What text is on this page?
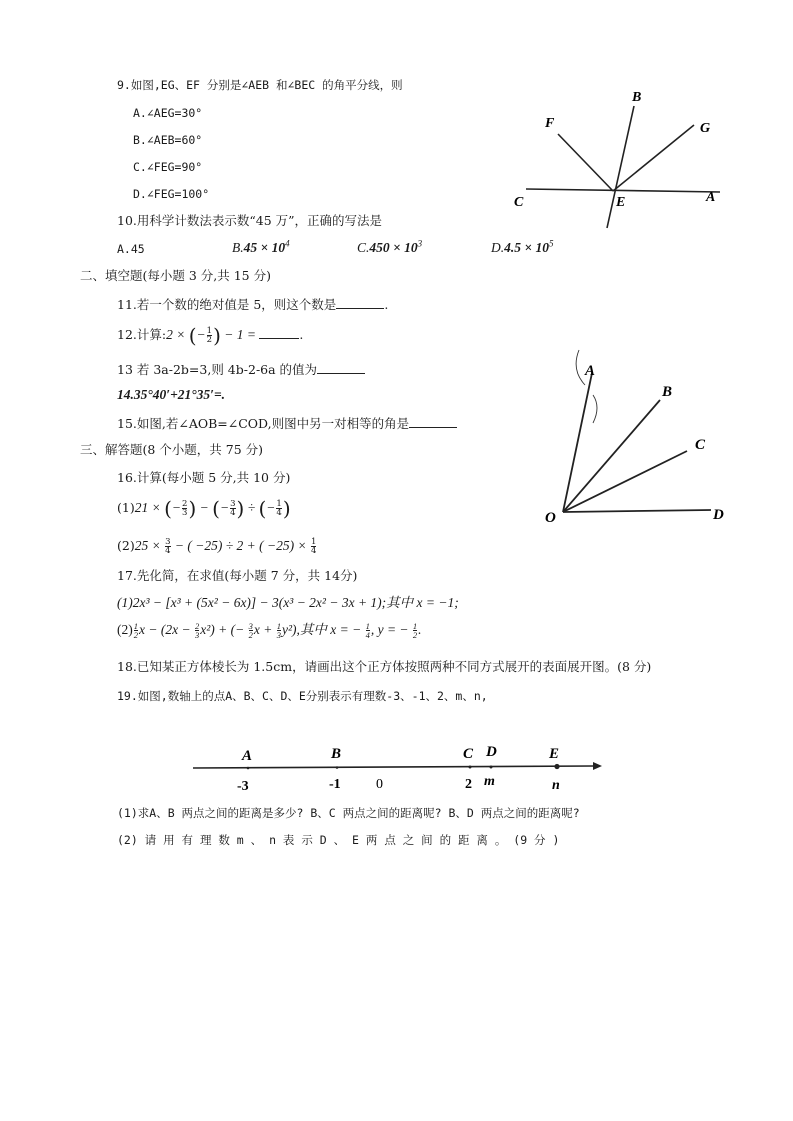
9.如图,EG、EF 分别是∠AEB 和∠BEC 的角平分线，则
A.∠AEG=30°
B.∠AEB=60°
C.∠FEG=90°
D.∠FEG=100°
B
F	G
C	E	A
10.用科学计数法表示数“45 万”，正确的写法是
A.45	$B.45 \times 10^4$	$C.450 \times 10^3$	$D.4.5 \times 10^5$
二、填空题(每小题 3 分,共 15 分)
11.若一个数的绝对值是 5，则这个数是	.
12.计算:2 × (− $\frac{1}{2}$ ) − 1 =	.
13 若 3a-2b=3,则 4b-2-6a 的值为
14.35°40′+21°35′=.
15.如图,若∠AOB=∠COD,则图中另一对相等的角是
O
A
B
C
D
三、解答题(8 个小题，共 75 分)
16.计算(每小题 5 分,共 10 分)
(1)21 × (− $\frac{2}{3}$ ) − (− $\frac{3}{4}$ ) ÷ (− $\frac{1}{4}$ )
$(2)25 \times \frac{3}{4}$ − ( −25) ÷ 2 + ( $-25) \times \frac{1}{4}$
17.先化简，在求值(每小题 7 分，共 14分)
(1)2x³ − [x³ + (5x² − 6x)] − 3(x³ − 2x² − 3x + 1);其中 x = −1;
$(2) \frac{1}{2}$ $x - (2x - \frac{2}{3} x^2)$ + (− $\frac{3}{2}$ $x + \frac{1}{3} y^2$),其中 x = − $\frac{1}{4}$ , y = − $\frac{1}{2}$ .
18.已知某正方体棱长为 1.5cm，请画出这个正方体按照两种不同方式展开的表面展开图。(8 分)
19.如图,数轴上的点A、B、C、D、E分别表示有理数-3、-1、2、m、n,
A	B	C D	E
-3	-1	0	2 m	n
(1)求A、B 两点之间的距离是多少? B、C 两点之间的距离呢? B、D 两点之间的距离呢?
(2) 请 用 有 理 数 m 、 n 表 示 D 、 E 两 点 之 间 的 距 离 。 (9 分 )
